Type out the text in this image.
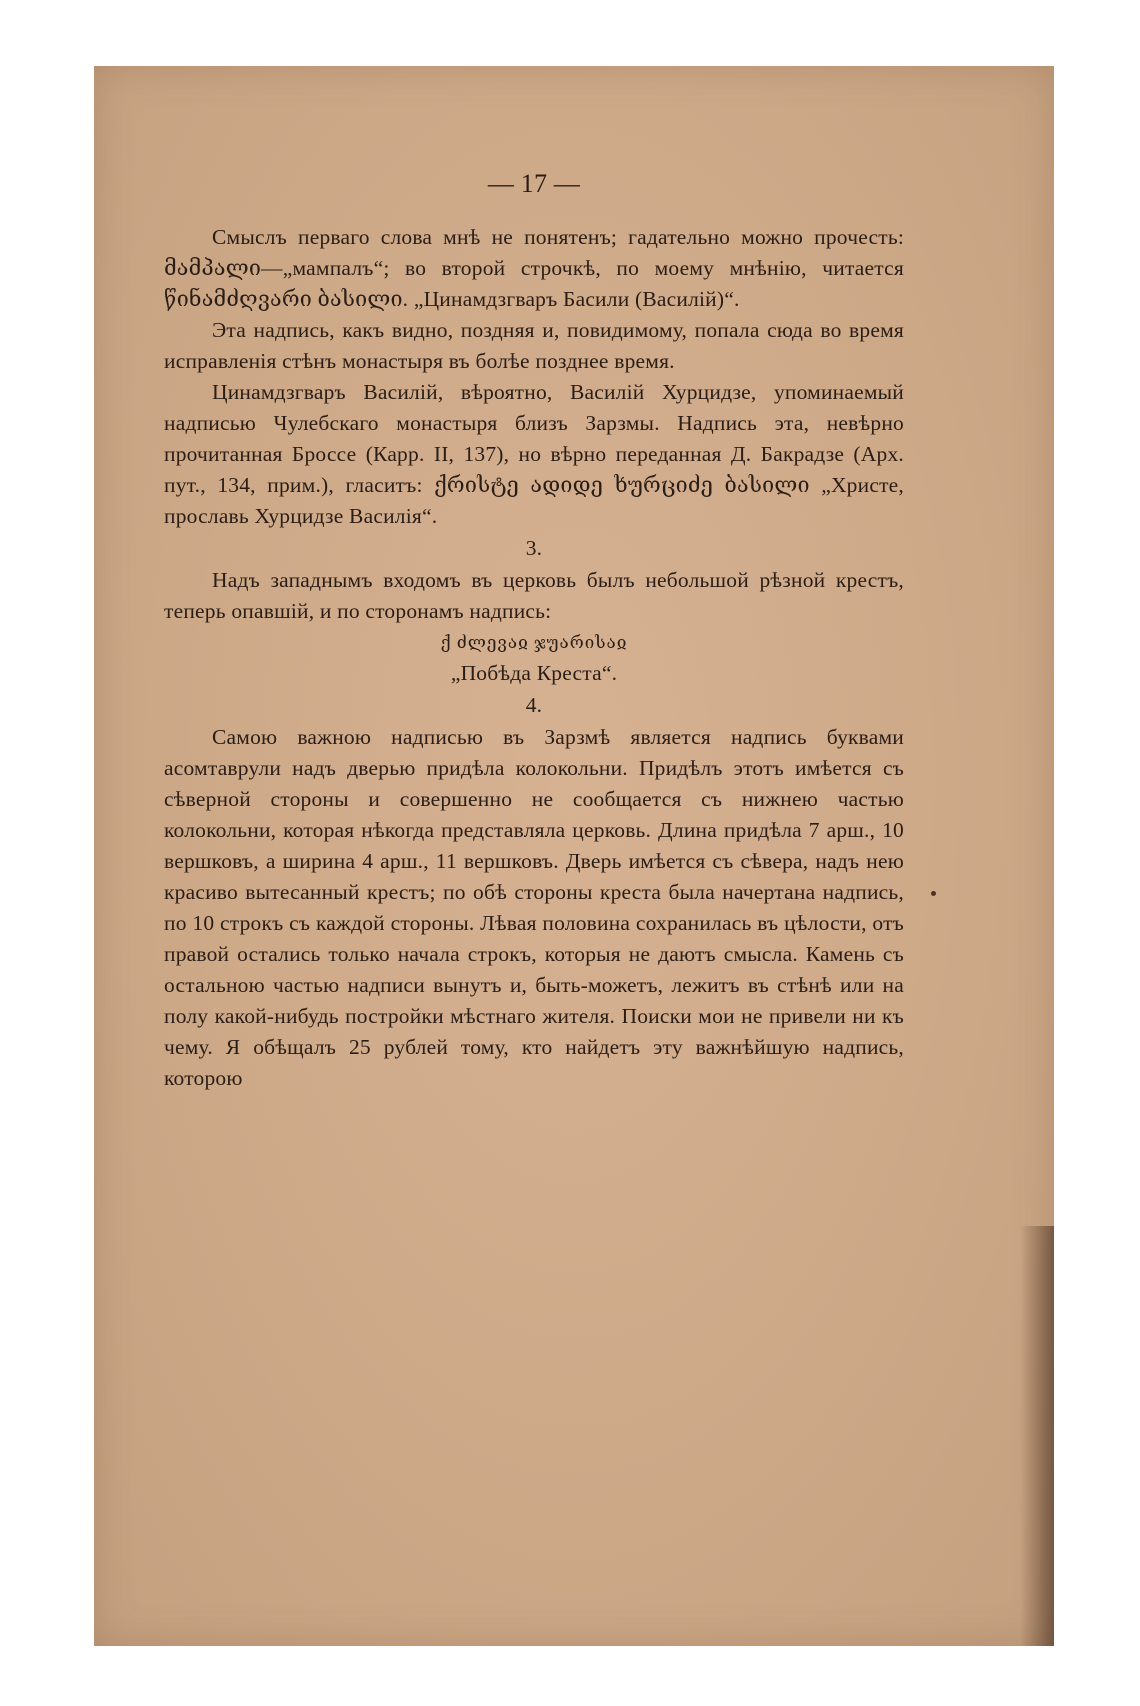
— 17 —

Смыслъ перваго слова мнѣ не понятенъ; гадательно можно прочесть: მამპალი—„мампалъ“; во второй строчкѣ, по моему мнѣнію, читается წინამძღვარი ბასილი. „Цинамдзгваръ Басили (Василій)“.

Эта надпись, какъ видно, поздняя и, повидимому, попала сюда во время исправленія стѣнъ монастыря въ болѣе позднее время.

Цинамдзгваръ Василій, вѣроятно, Василій Хурцидзе, упоминаемый надписью Чулебскаго монастыря близъ Зарзмы. Надпись эта, невѣрно прочитанная Броссе (Карр. II, 137), но вѣрно переданная Д. Бакрадзе (Арх. пут., 134, прим.), гласитъ: ქრისტე ადიდე ხურციძე ბასილი „Христе, прославь Хурцидзе Василія“.

3.

Надъ западнымъ входомъ въ церковь былъ небольшой рѣзной крестъ, теперь опавшій, и по сторонамъ надпись:

ქ ძლევაჲ ჯუარისაჲ
„Побѣда Креста“.
4.

Самою важною надписью въ Зарзмѣ является надпись буквами асомтаврули надъ дверью придѣла колокольни. Придѣлъ этотъ имѣется съ сѣверной стороны и совершенно не сообщается съ нижнею частью колокольни, которая нѣкогда представляла церковь. Длина придѣла 7 арш., 10 вершковъ, а ширина 4 арш., 11 вершковъ. Дверь имѣется съ сѣвера, надъ нею красиво вытесанный крестъ; по обѣ стороны креста была начертана надпись, по 10 строкъ съ каждой стороны. Лѣвая половина сохранилась въ цѣлости, отъ правой остались только начала строкъ, которыя не даютъ смысла. Камень съ остальною частью надписи вынутъ и, быть-можетъ, лежитъ въ стѣнѣ или на полу какой-нибудь постройки мѣстнаго жителя. Поиски мои не привели ни къ чему. Я обѣщалъ 25 рублей тому, кто найдетъ эту важнѣйшую надпись, которою
